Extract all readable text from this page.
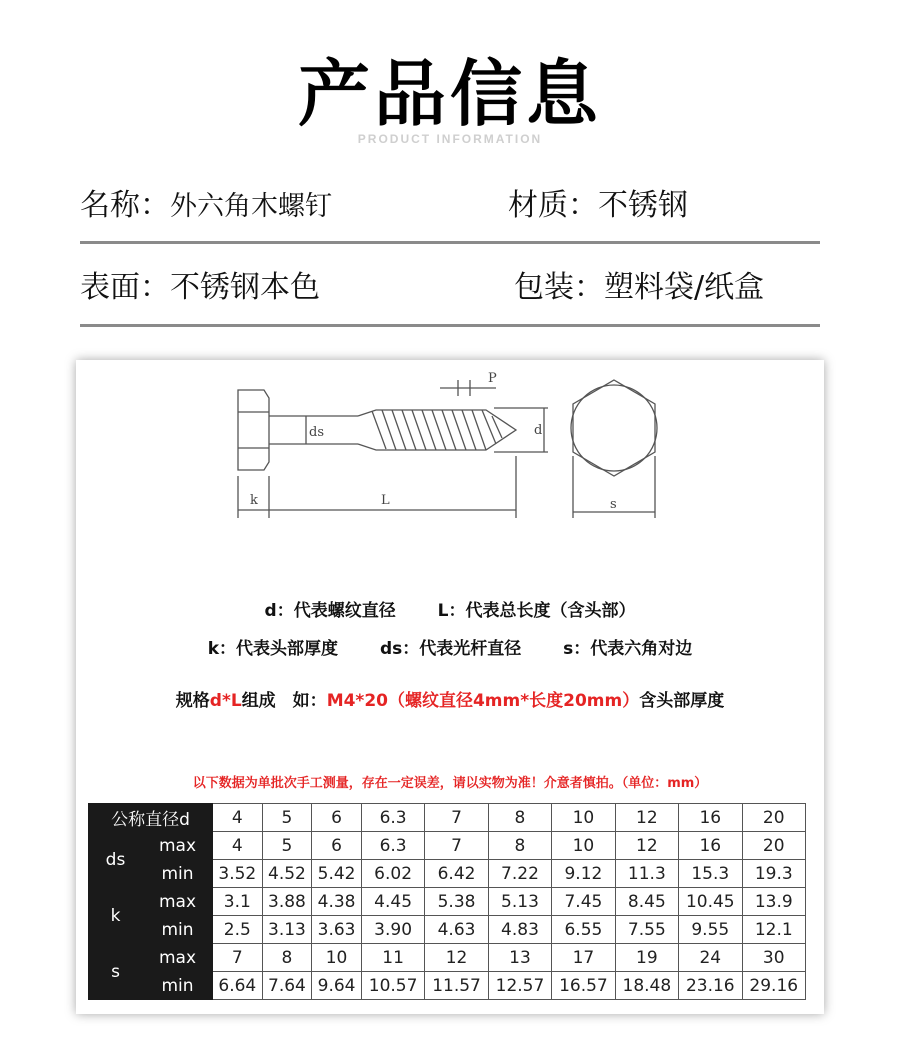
产品信息
PRODUCT INFORMATION
名称：外六角木螺钉	材质：不锈钢
表面：不锈钢本色	包装：塑料袋/纸盒
k	L
ds	d
P
s
d：代表螺纹直径 L：代表总长度（含头部）
k：代表头部厚度 ds：代表光杆直径 s：代表六角对边
规格d*L组成　如：M4*20（螺纹直径4mm*长度20mm）含头部厚度
以下数据为单批次手工测量，存在一定误差，请以实物为准！介意者慎拍。（单位：mm）
公称直径d		4	5	6	6.3	7	8	10	12	16	20
ds	max	4	5	6	6.3	7	8	10	12	16	20
	min	3.52	4.52	5.42	6.02	6.42	7.22	9.12	11.3	15.3	19.3
k	max	3.1	3.88	4.38	4.45	5.38	5.13	7.45	8.45	10.45	13.9
	min	2.5	3.13	3.63	3.90	4.63	4.83	6.55	7.55	9.55	12.1
s	max	7	8	10	11	12	13	17	19	24	30
	min	6.64	7.64	9.64	10.57	11.57	12.57	16.57	18.48	23.16	29.16
